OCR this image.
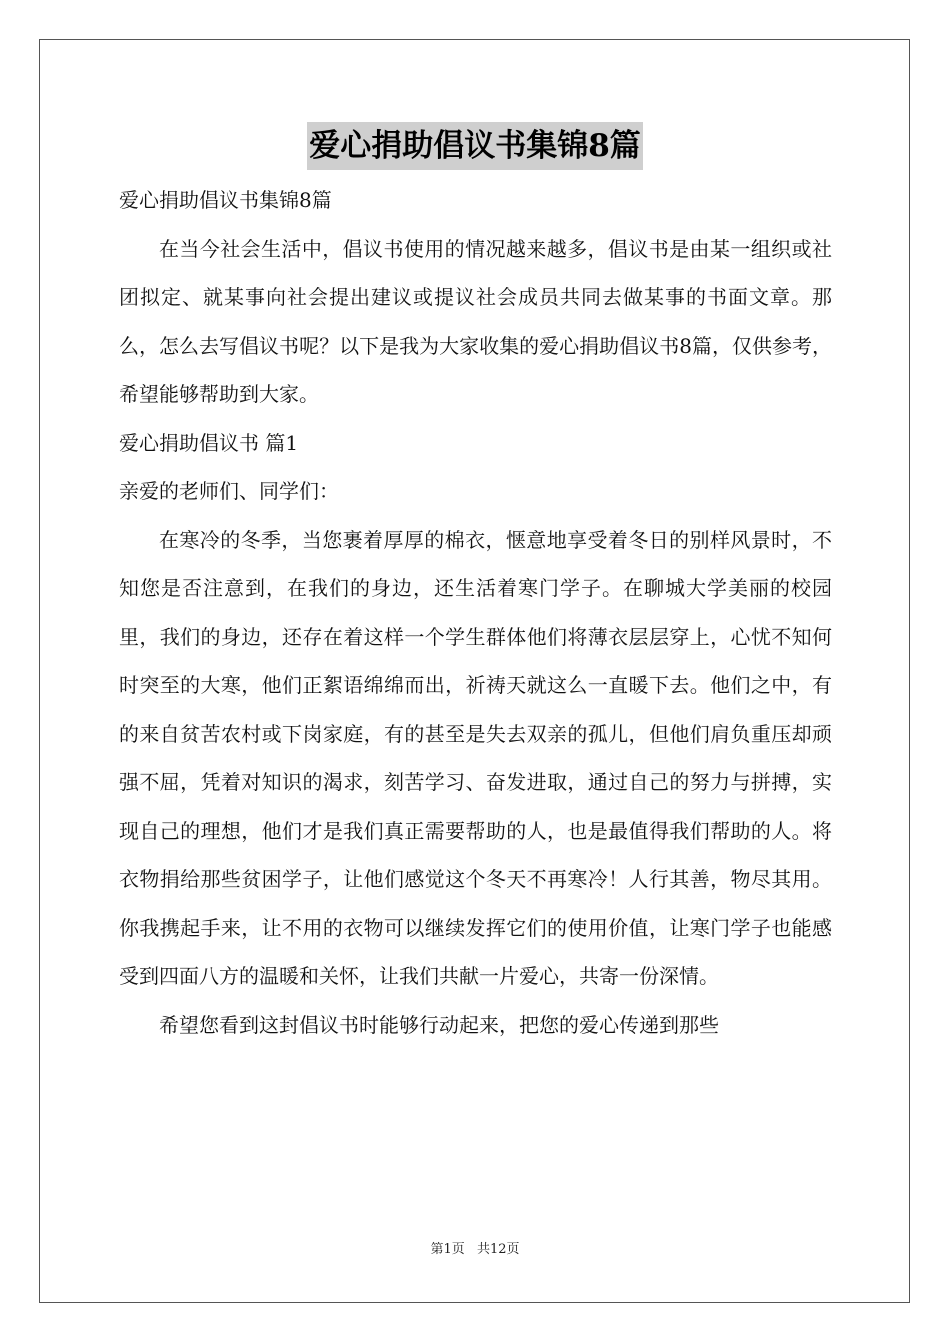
爱心捐助倡议书集锦8篇

爱心捐助倡议书集锦8篇

在当今社会生活中，倡议书使用的情况越来越多，倡议书是由某一组织或社团拟定、就某事向社会提出建议或提议社会成员共同去做某事的书面文章。那么，怎么去写倡议书呢？以下是我为大家收集的爱心捐助倡议书8篇，仅供参考，希望能够帮助到大家。

爱心捐助倡议书 篇1

亲爱的老师们、同学们：

在寒冷的冬季，当您裹着厚厚的棉衣，惬意地享受着冬日的别样风景时，不知您是否注意到，在我们的身边，还生活着寒门学子。在聊城大学美丽的校园里，我们的身边，还存在着这样一个学生群体他们将薄衣层层穿上，心忧不知何时突至的大寒，他们正絮语绵绵而出，祈祷天就这么一直暖下去。他们之中，有的来自贫苦农村或下岗家庭，有的甚至是失去双亲的孤儿，但他们肩负重压却顽强不屈，凭着对知识的渴求，刻苦学习、奋发进取，通过自己的努力与拼搏，实现自己的理想，他们才是我们真正需要帮助的人，也是最值得我们帮助的人。将衣物捐给那些贫困学子，让他们感觉这个冬天不再寒冷！人行其善，物尽其用。你我携起手来，让不用的衣物可以继续发挥它们的使用价值，让寒门学子也能感受到四面八方的温暖和关怀，让我们共献一片爱心，共寄一份深情。

希望您看到这封倡议书时能够行动起来，把您的爱心传递到那些

第1页 共12页
